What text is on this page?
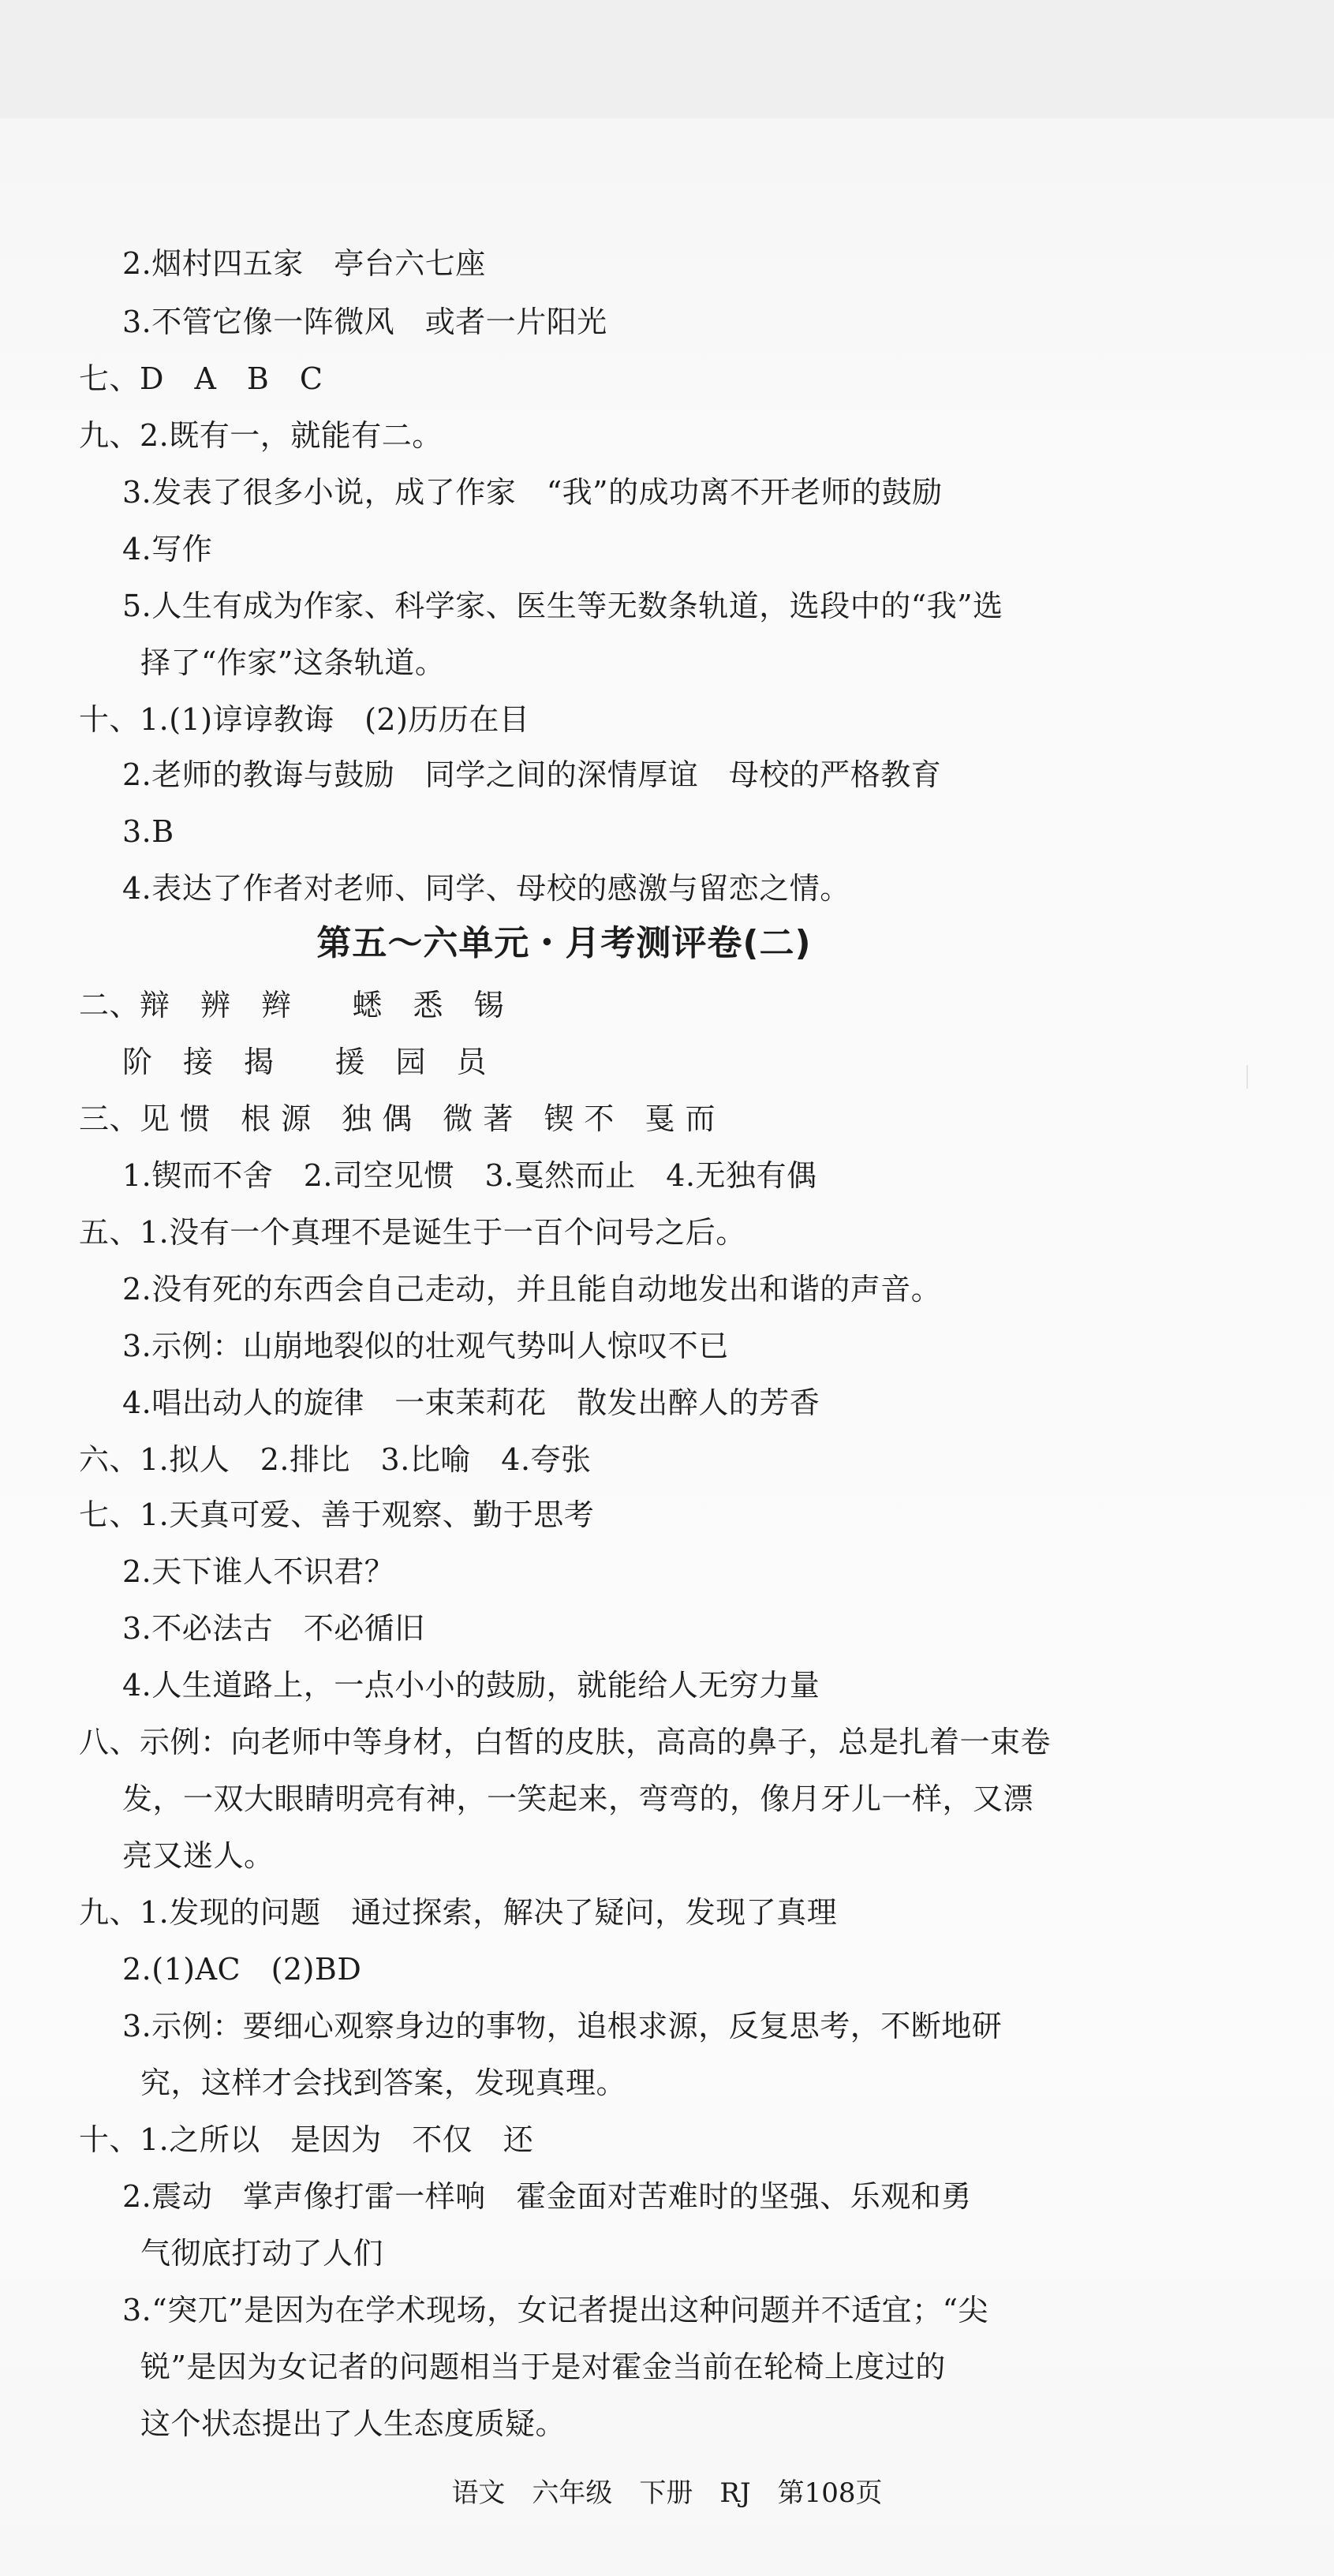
2.烟村四五家　亭台六七座
3.不管它像一阵微风　或者一片阳光
七、D　A　B　C
九、2.既有一，就能有二。
3.发表了很多小说，成了作家　“我”的成功离不开老师的鼓励
4.写作
5.人生有成为作家、科学家、医生等无数条轨道，选段中的“我”选
择了“作家”这条轨道。
十、1.(1)谆谆教诲　(2)历历在目
2.老师的教诲与鼓励　同学之间的深情厚谊　母校的严格教育
3.B
4.表达了作者对老师、同学、母校的感激与留恋之情。
第五～六单元・月考测评卷(二)
二、辩　辨　辫　　蟋　悉　锡
阶　接　揭　　援　园　员
三、见 惯　根 源　独 偶　微 著　锲 不　戛 而
1.锲而不舍　2.司空见惯　3.戛然而止　4.无独有偶
五、1.没有一个真理不是诞生于一百个问号之后。
2.没有死的东西会自己走动，并且能自动地发出和谐的声音。
3.示例：山崩地裂似的壮观气势叫人惊叹不已
4.唱出动人的旋律　一束茉莉花　散发出醉人的芳香
六、1.拟人　2.排比　3.比喻　4.夸张
七、1.天真可爱、善于观察、勤于思考
2.天下谁人不识君？
3.不必法古　不必循旧
4.人生道路上，一点小小的鼓励，就能给人无穷力量
八、示例：向老师中等身材，白皙的皮肤，高高的鼻子，总是扎着一束卷
发，一双大眼睛明亮有神，一笑起来，弯弯的，像月牙儿一样，又漂
亮又迷人。
九、1.发现的问题　通过探索，解决了疑问，发现了真理
2.(1)AC　(2)BD
3.示例：要细心观察身边的事物，追根求源，反复思考，不断地研
究，这样才会找到答案，发现真理。
十、1.之所以　是因为　不仅　还
2.震动　掌声像打雷一样响　霍金面对苦难时的坚强、乐观和勇
气彻底打动了人们
3.“突兀”是因为在学术现场，女记者提出这种问题并不适宜；“尖
锐”是因为女记者的问题相当于是对霍金当前在轮椅上度过的
这个状态提出了人生态度质疑。
语文　六年级　下册　RJ　第108页
